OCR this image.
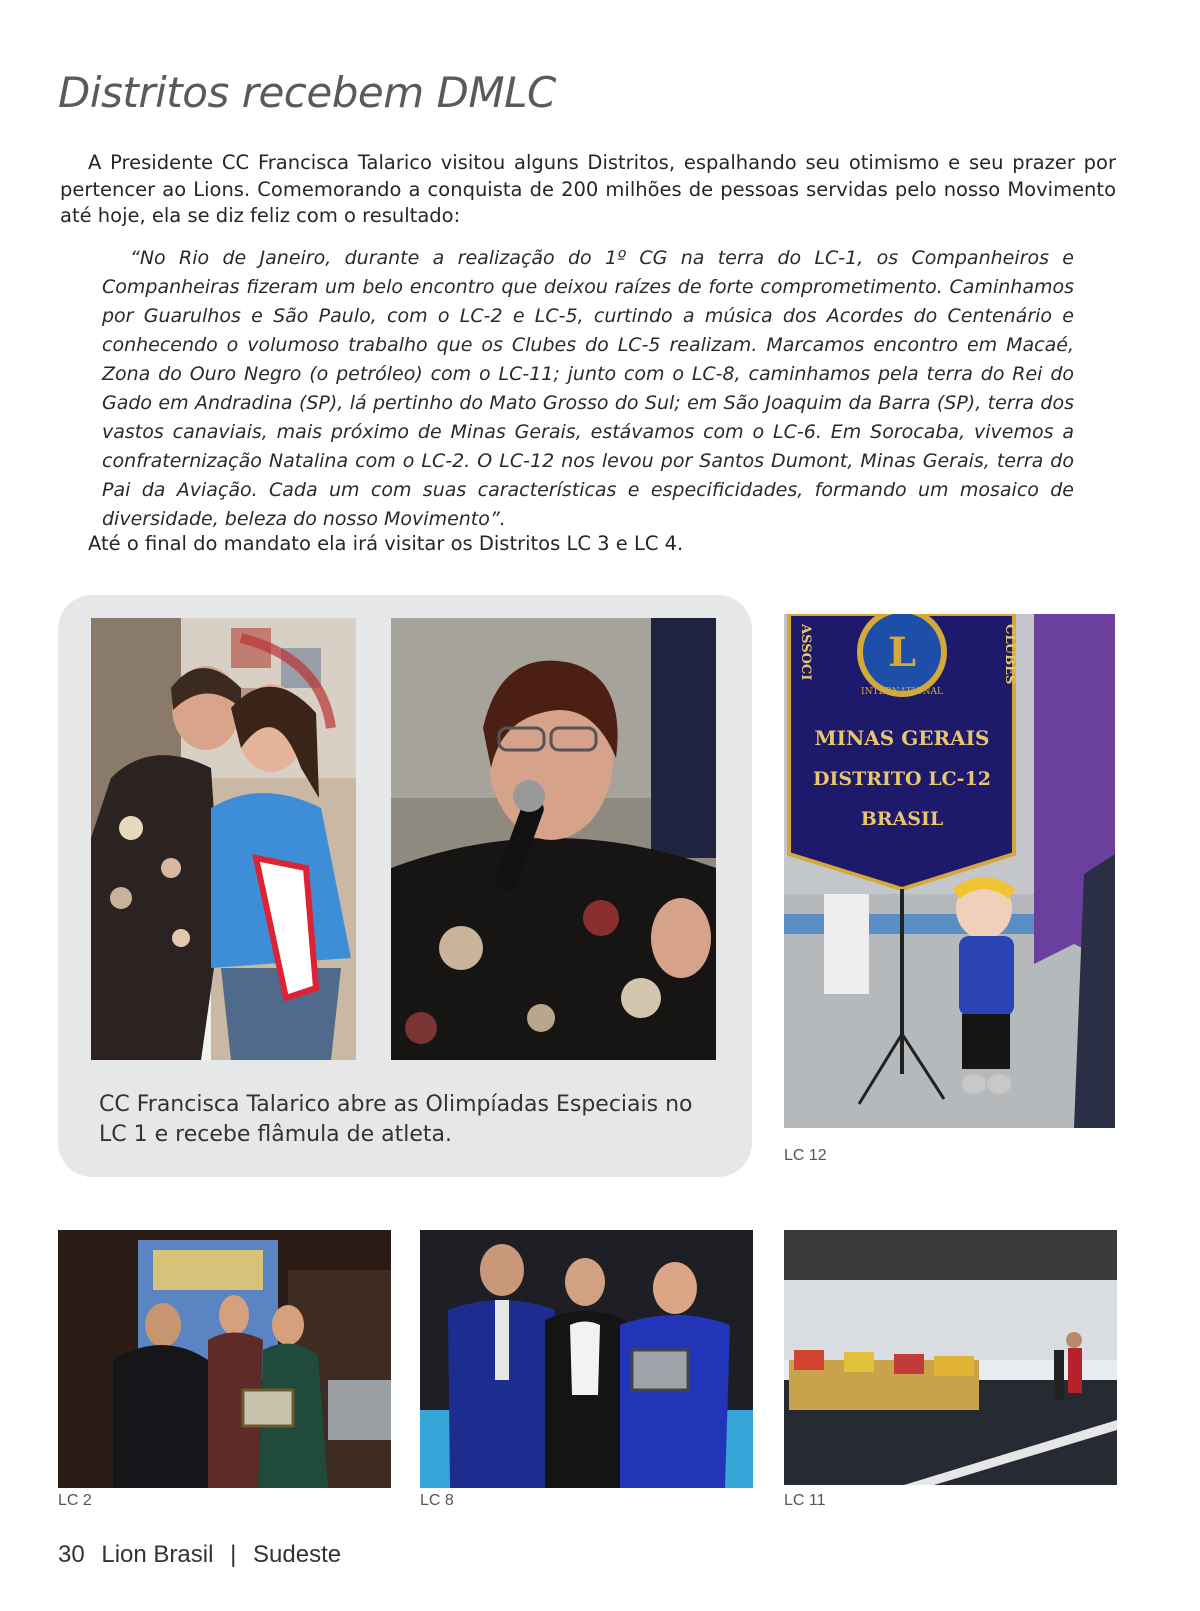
Distritos recebem DMLC

A Presidente CC Francisca Talarico visitou alguns Distritos, espalhando seu otimismo e seu prazer por pertencer ao Lions. Comemorando a conquista de 200 milhões de pessoas servidas pelo nosso Movimento até hoje, ela se diz feliz com o resultado:

“No Rio de Janeiro, durante a realização do 1º CG na terra do LC-1, os Companheiros e Companheiras fizeram um belo encontro que deixou raízes de forte comprometimento. Caminhamos por Guarulhos e São Paulo, com o LC-2 e LC-5, curtindo a música dos Acordes do Centenário e conhecendo o volumoso trabalho que os Clubes do LC-5 realizam. Marcamos encontro em Macaé, Zona do Ouro Negro (o petróleo) com o LC-11; junto com o LC-8, caminhamos pela terra do Rei do Gado em Andradina (SP), lá pertinho do Mato Grosso do Sul; em São Joaquim da Barra (SP), terra dos vastos canaviais, mais próximo de Minas Gerais, estávamos com o LC-6. Em Sorocaba, vivemos a confraternização Natalina com o LC-2. O LC-12 nos levou por Santos Dumont, Minas Gerais, terra do Pai da Aviação. Cada um com suas características e especificidades, formando um mosaico de diversidade, beleza do nosso Movimento”.

Até o final do mandato ela irá visitar os Distritos LC 3 e LC 4.

L
INTERNATIONAL
MINAS GERAIS
DISTRITO LC-12
BRASIL
ASSOCI	CLUBES

CC Francisca Talarico abre as Olimpíadas Especiais no LC 1 e recebe flâmula de atleta.

LC 12
LC 2	LC 8	LC 11
30 Lion Brasil | Sudeste
